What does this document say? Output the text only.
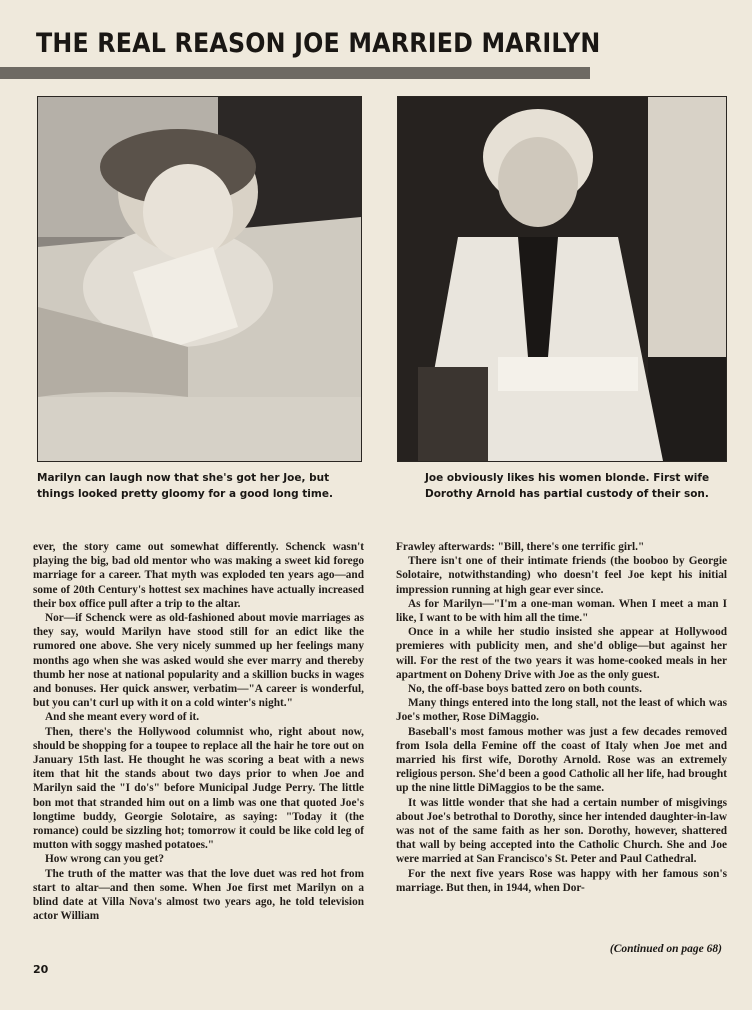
THE REAL REASON JOE MARRIED MARILYN
Marilyn can laugh now that she's got her Joe, but
things looked pretty gloomy for a good long time.
Joe obviously likes his women blonde. First wife
Dorothy Arnold has partial custody of their son.

ever, the story came out somewhat differently. Schenck wasn't playing the big, bad old mentor who was making a sweet kid forego marriage for a career. That myth was exploded ten years ago—and some of 20th Century's hottest sex machines have actually increased their box office pull after a trip to the altar.

Nor—if Schenck were as old-fashioned about movie marriages as they say, would Marilyn have stood still for an edict like the rumored one above. She very nicely summed up her feelings many months ago when she was asked would she ever marry and thereby thumb her nose at national popularity and a skillion bucks in wages and bonuses. Her quick answer, verbatim—"A career is wonderful, but you can't curl up with it on a cold winter's night."

And she meant every word of it.

Then, there's the Hollywood columnist who, right about now, should be shopping for a toupee to replace all the hair he tore out on January 15th last. He thought he was scoring a beat with a news item that hit the stands about two days prior to when Joe and Marilyn said the "I do's" before Municipal Judge Perry. The little bon mot that stranded him out on a limb was one that quoted Joe's longtime buddy, Georgie Solotaire, as saying: "Today it (the romance) could be sizzling hot; tomorrow it could be like cold leg of mutton with soggy mashed potatoes."

How wrong can you get?

The truth of the matter was that the love duet was red hot from start to altar—and then some. When Joe first met Marilyn on a blind date at Villa Nova's almost two years ago, he told television actor William

Frawley afterwards: "Bill, there's one terrific girl."

There isn't one of their intimate friends (the booboo by Georgie Solotaire, notwithstanding) who doesn't feel Joe kept his initial impression running at high gear ever since.

As for Marilyn—"I'm a one-man woman. When I meet a man I like, I want to be with him all the time."

Once in a while her studio insisted she appear at Hollywood premieres with publicity men, and she'd oblige—but against her will. For the rest of the two years it was home-cooked meals in her apartment on Doheny Drive with Joe as the only guest.

No, the off-base boys batted zero on both counts.

Many things entered into the long stall, not the least of which was Joe's mother, Rose DiMaggio.

Baseball's most famous mother was just a few decades removed from Isola della Femine off the coast of Italy when Joe met and married his first wife, Dorothy Arnold. Rose was an extremely religious person. She'd been a good Catholic all her life, had brought up the nine little DiMaggios to be the same.

It was little wonder that she had a certain number of misgivings about Joe's betrothal to Dorothy, since her intended daughter-in-law was not of the same faith as her son. Dorothy, however, shattered that wall by being accepted into the Catholic Church. She and Joe were married at San Francisco's St. Peter and Paul Cathedral.

For the next five years Rose was happy with her famous son's marriage. But then, in 1944, when Dor-

(Continued on page 68)
20
